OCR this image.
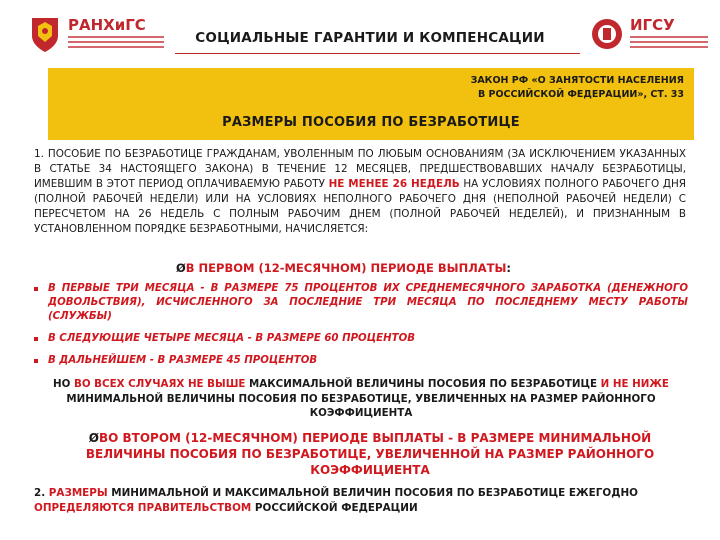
РАНХиГС
СОЦИАЛЬНЫЕ ГАРАНТИИ И КОМПЕНСАЦИИ
ИГСУ
ЗАКОН РФ «О ЗАНЯТОСТИ НАСЕЛЕНИЯ
В РОССИЙСКОЙ ФЕДЕРАЦИИ», СТ. 33
РАЗМЕРЫ ПОСОБИЯ ПО БЕЗРАБОТИЦЕ
1. ПОСОБИЕ ПО БЕЗРАБОТИЦЕ ГРАЖДАНАМ, УВОЛЕННЫМ ПО ЛЮБЫМ ОСНОВАНИЯМ (ЗА ИСКЛЮЧЕНИЕМ УКАЗАННЫХ В СТАТЬЕ 34 НАСТОЯЩЕГО ЗАКОНА) В ТЕЧЕНИЕ 12 МЕСЯЦЕВ, ПРЕДШЕСТВОВАВШИХ НАЧАЛУ БЕЗРАБОТИЦЫ, ИМЕВШИМ В ЭТОТ ПЕРИОД ОПЛАЧИВАЕМУЮ РАБОТУ НЕ МЕНЕЕ 26 НЕДЕЛЬ НА УСЛОВИЯХ ПОЛНОГО РАБОЧЕГО ДНЯ (ПОЛНОЙ РАБОЧЕЙ НЕДЕЛИ) ИЛИ НА УСЛОВИЯХ НЕПОЛНОГО РАБОЧЕГО ДНЯ (НЕПОЛНОЙ РАБОЧЕЙ НЕДЕЛИ) С ПЕРЕСЧЕТОМ НА 26 НЕДЕЛЬ С ПОЛНЫМ РАБОЧИМ ДНЕМ (ПОЛНОЙ РАБОЧЕЙ НЕДЕЛЕЙ), И ПРИЗНАННЫМ В УСТАНОВЛЕННОМ ПОРЯДКЕ БЕЗРАБОТНЫМИ, НАЧИСЛЯЕТСЯ:
ØВ ПЕРВОМ (12-МЕСЯЧНОМ) ПЕРИОДЕ ВЫПЛАТЫ:
В ПЕРВЫЕ ТРИ МЕСЯЦА - В РАЗМЕРЕ 75 ПРОЦЕНТОВ ИХ СРЕДНЕМЕСЯЧНОГО ЗАРАБОТКА (ДЕНЕЖНОГО ДОВОЛЬСТВИЯ), ИСЧИСЛЕННОГО ЗА ПОСЛЕДНИЕ ТРИ МЕСЯЦА ПО ПОСЛЕДНЕМУ МЕСТУ РАБОТЫ (СЛУЖБЫ)
В СЛЕДУЮЩИЕ ЧЕТЫРЕ МЕСЯЦА - В РАЗМЕРЕ 60 ПРОЦЕНТОВ
В ДАЛЬНЕЙШЕМ - В РАЗМЕРЕ 45 ПРОЦЕНТОВ
НО ВО ВСЕХ СЛУЧАЯХ НЕ ВЫШЕ МАКСИМАЛЬНОЙ ВЕЛИЧИНЫ ПОСОБИЯ ПО БЕЗРАБОТИЦЕ И НЕ НИЖЕ МИНИМАЛЬНОЙ ВЕЛИЧИНЫ ПОСОБИЯ ПО БЕЗРАБОТИЦЕ, УВЕЛИЧЕННЫХ НА РАЗМЕР РАЙОННОГО КОЭФФИЦИЕНТА
ØВО ВТОРОМ (12-МЕСЯЧНОМ) ПЕРИОДЕ ВЫПЛАТЫ - В РАЗМЕРЕ МИНИМАЛЬНОЙ ВЕЛИЧИНЫ ПОСОБИЯ ПО БЕЗРАБОТИЦЕ, УВЕЛИЧЕННОЙ НА РАЗМЕР РАЙОННОГО КОЭФФИЦИЕНТА
2. РАЗМЕРЫ МИНИМАЛЬНОЙ И МАКСИМАЛЬНОЙ ВЕЛИЧИН ПОСОБИЯ ПО БЕЗРАБОТИЦЕ ЕЖЕГОДНО ОПРЕДЕЛЯЮТСЯ ПРАВИТЕЛЬСТВОМ РОССИЙСКОЙ ФЕДЕРАЦИИ
